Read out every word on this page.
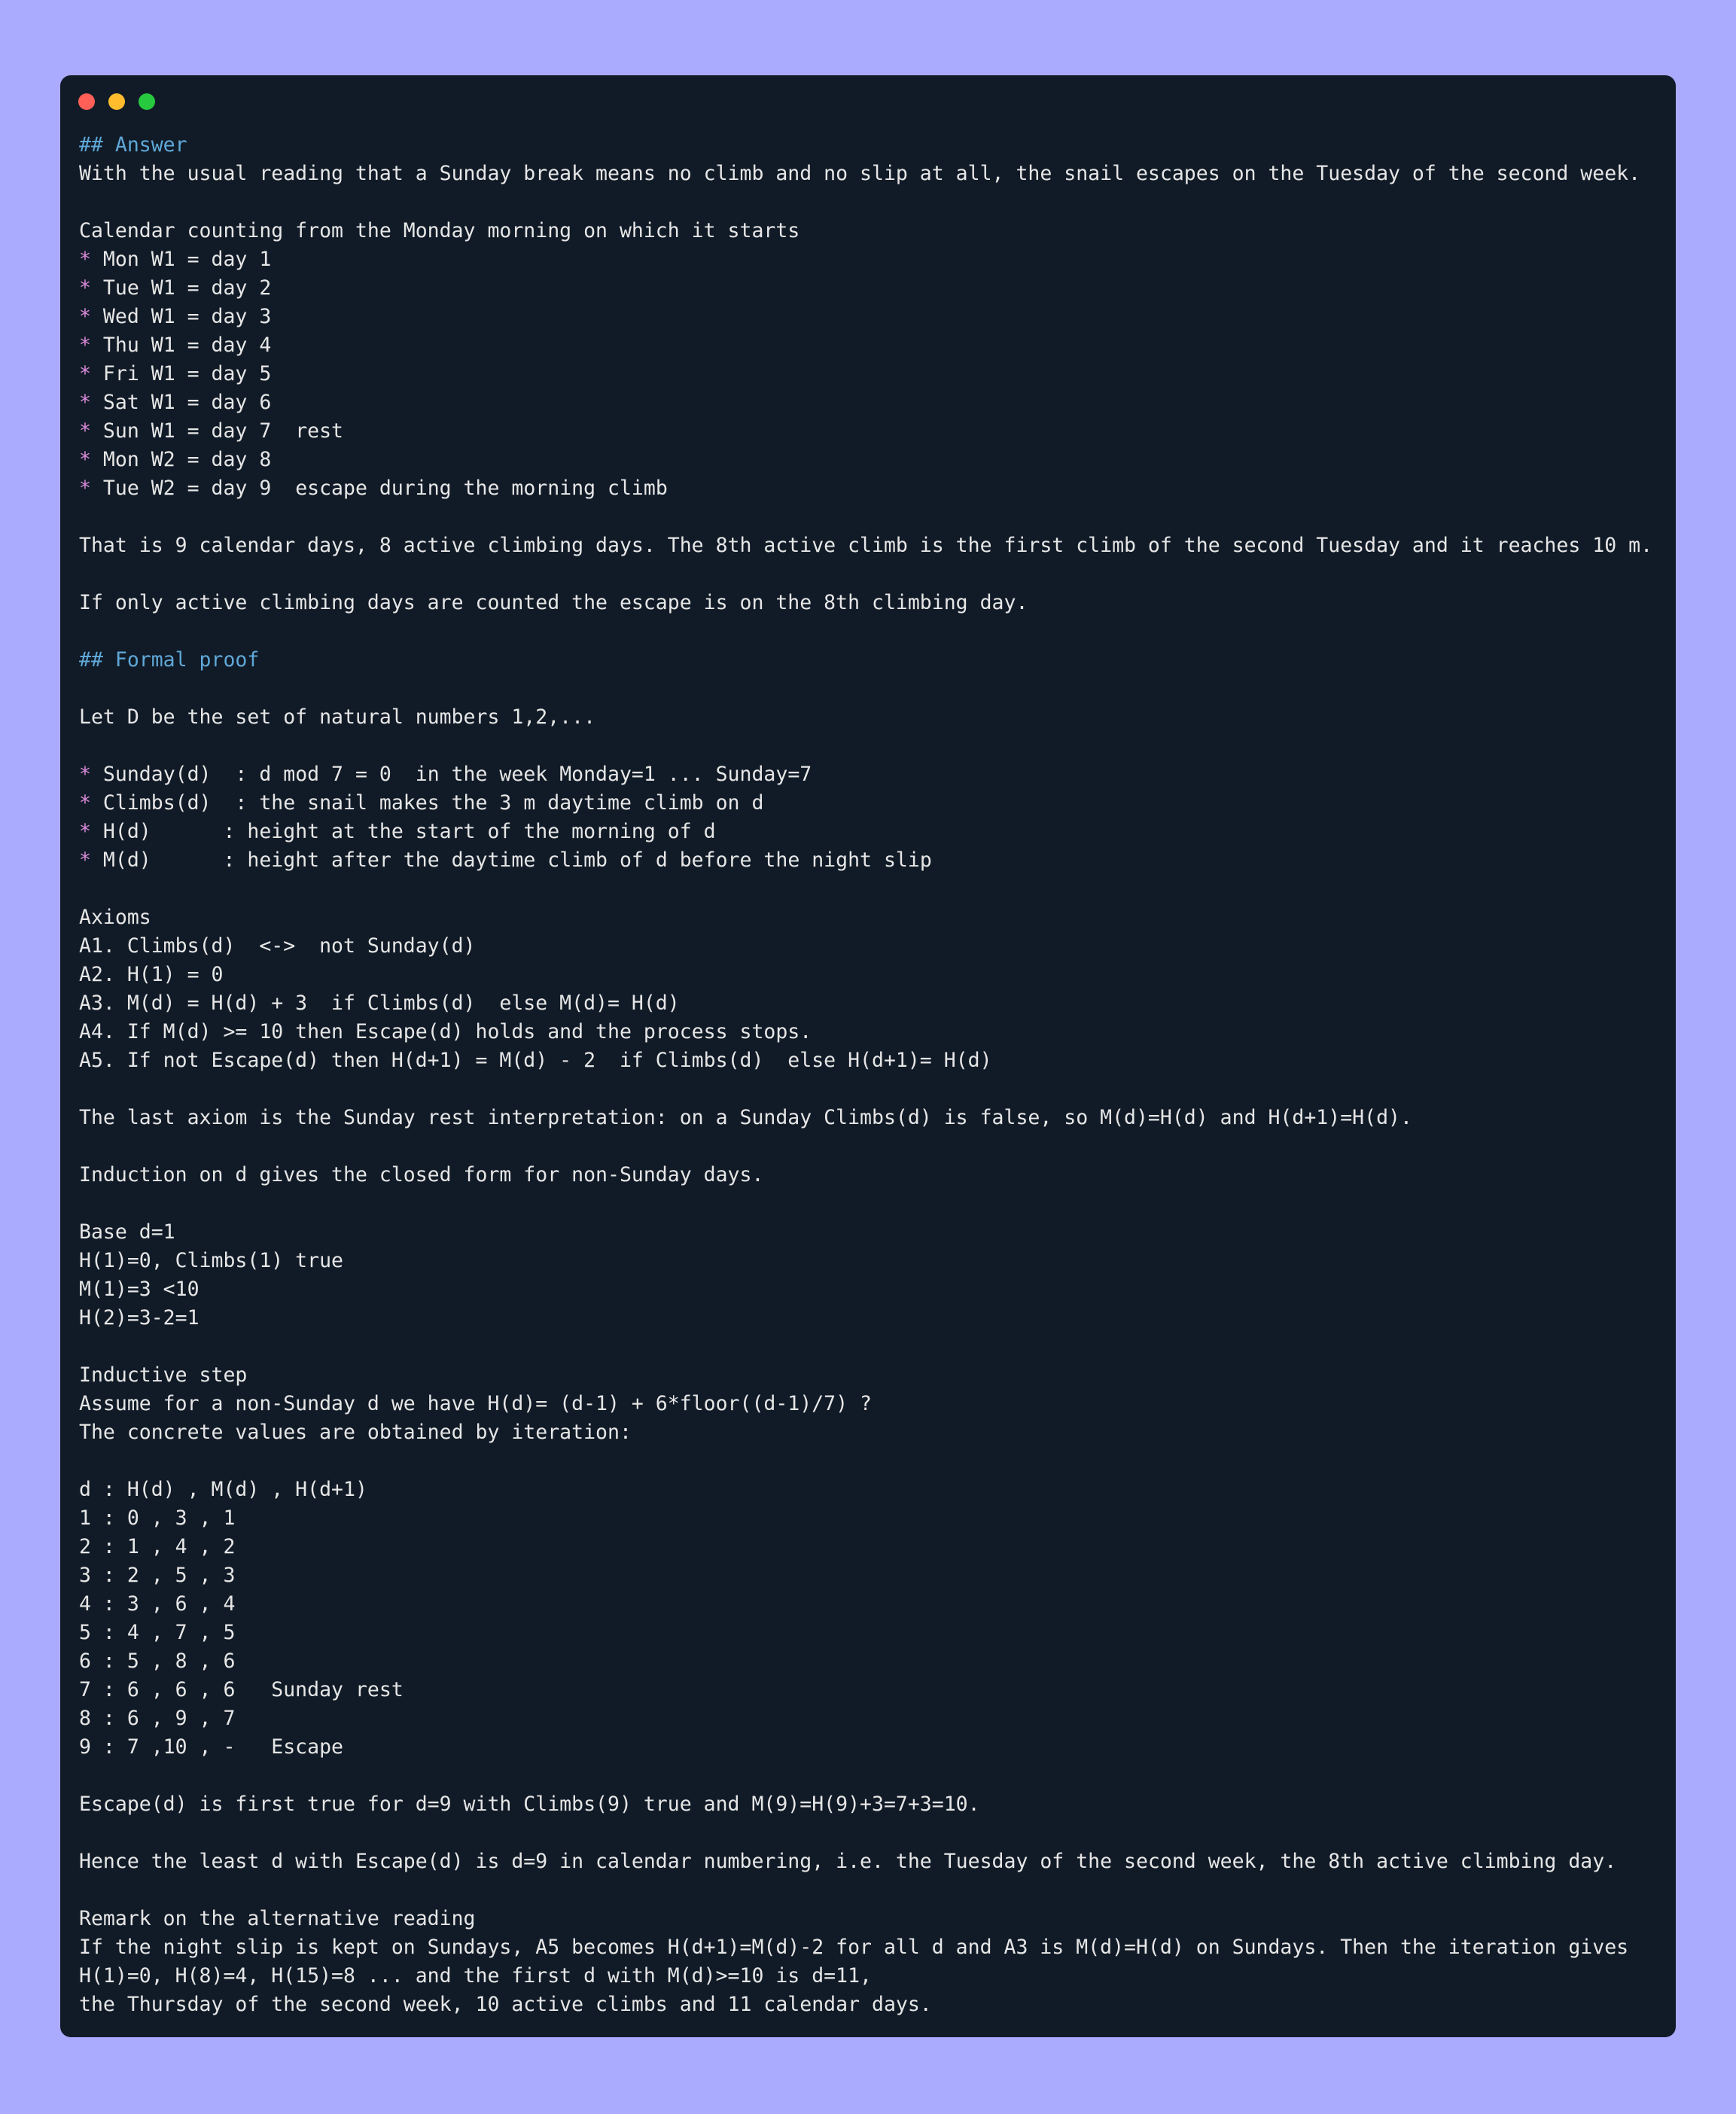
## Answer
With the usual reading that a Sunday break means no climb and no slip at all, the snail escapes on the Tuesday of the second week.
Calendar counting from the Monday morning on which it starts
* Mon W1 = day 1
* Tue W1 = day 2
* Wed W1 = day 3
* Thu W1 = day 4
* Fri W1 = day 5
* Sat W1 = day 6
* Sun W1 = day 7  rest
* Mon W2 = day 8
* Tue W2 = day 9  escape during the morning climb
That is 9 calendar days, 8 active climbing days. The 8th active climb is the first climb of the second Tuesday and it reaches 10 m.
If only active climbing days are counted the escape is on the 8th climbing day.
## Formal proof
Let D be the set of natural numbers 1,2,...
* Sunday(d)  : d mod 7 = 0  in the week Monday=1 ... Sunday=7
* Climbs(d)  : the snail makes the 3 m daytime climb on d
* H(d)      : height at the start of the morning of d
* M(d)      : height after the daytime climb of d before the night slip
Axioms
A1. Climbs(d)  <->  not Sunday(d)
A2. H(1) = 0
A3. M(d) = H(d) + 3  if Climbs(d)  else M(d)= H(d)
A4. If M(d) >= 10 then Escape(d) holds and the process stops.
A5. If not Escape(d) then H(d+1) = M(d) - 2  if Climbs(d)  else H(d+1)= H(d)
The last axiom is the Sunday rest interpretation: on a Sunday Climbs(d) is false, so M(d)=H(d) and H(d+1)=H(d).
Induction on d gives the closed form for non-Sunday days.
Base d=1
H(1)=0, Climbs(1) true
M(1)=3 <10
H(2)=3-2=1
Inductive step
Assume for a non-Sunday d we have H(d)= (d-1) + 6*floor((d-1)/7) ?
The concrete values are obtained by iteration:
d : H(d) , M(d) , H(d+1)
1 : 0 , 3 , 1
2 : 1 , 4 , 2
3 : 2 , 5 , 3
4 : 3 , 6 , 4
5 : 4 , 7 , 5
6 : 5 , 8 , 6
7 : 6 , 6 , 6   Sunday rest
8 : 6 , 9 , 7
9 : 7 ,10 , -   Escape
Escape(d) is first true for d=9 with Climbs(9) true and M(9)=H(9)+3=7+3=10.
Hence the least d with Escape(d) is d=9 in calendar numbering, i.e. the Tuesday of the second week, the 8th active climbing day.
Remark on the alternative reading
If the night slip is kept on Sundays, A5 becomes H(d+1)=M(d)-2 for all d and A3 is M(d)=H(d) on Sundays. Then the iteration gives
H(1)=0, H(8)=4, H(15)=8 ... and the first d with M(d)>=10 is d=11,
the Thursday of the second week, 10 active climbs and 11 calendar days.
